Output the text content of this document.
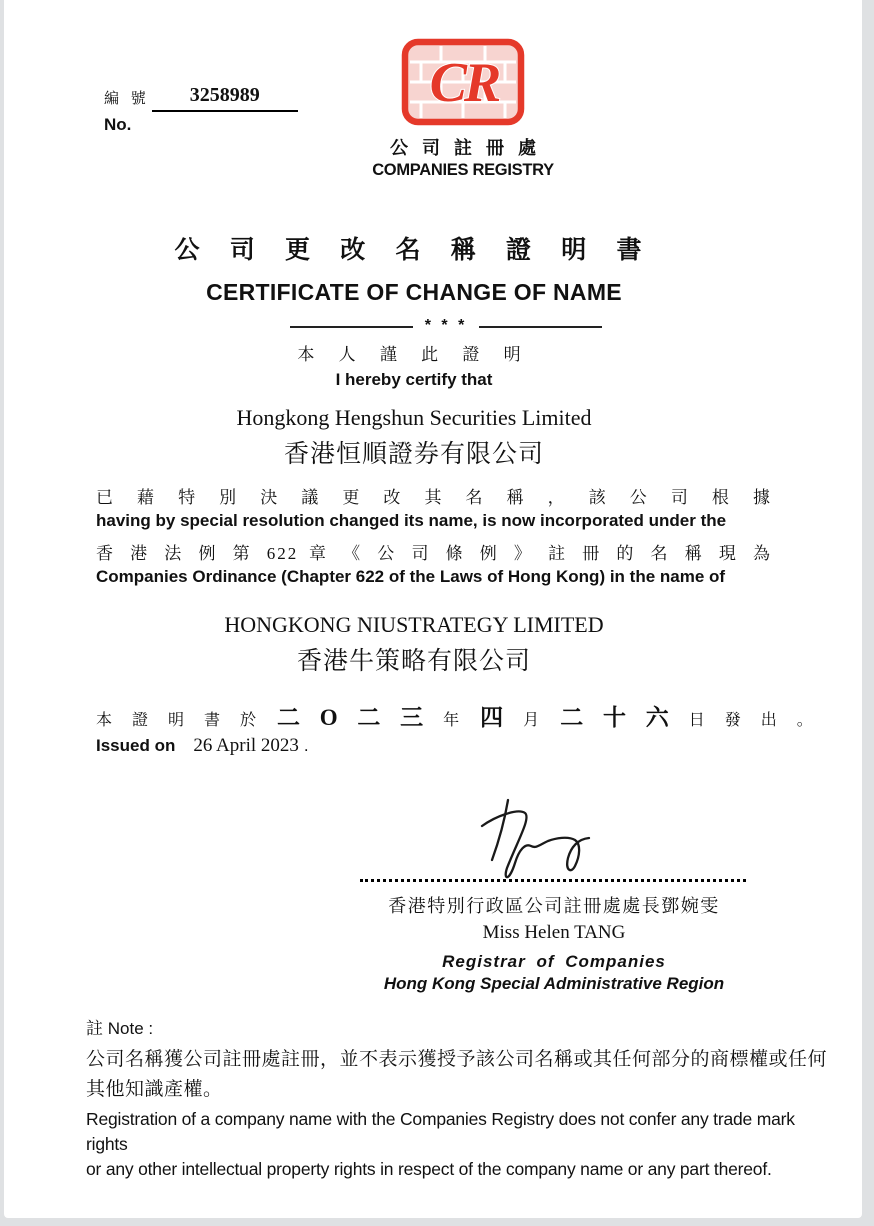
編 號	3258989
No.
CR
公司註冊處
COMPANIES REGISTRY
公 司 更 改 名 稱 證 明 書
CERTIFICATE OF CHANGE OF NAME
* * *
本 人 謹 此 證 明
I hereby certify that
Hongkong Hengshun Securities Limited
香港恒順證券有限公司
已 藉 特 別 決 議 更 改 其 名 稱 ， 該 公 司 根 據
having by special resolution changed its name, is now incorporated under the
香 港 法 例 第 622 章 《 公 司 條 例 》 註 冊 的 名 稱 現 為
Companies Ordinance (Chapter 622 of the Laws of Hong Kong) in the name of
HONGKONG NIUSTRATEGY LIMITED
香港牛策略有限公司
本 證 明 書 於 二 O 二 三 年 四 月 二 十 六 日 發 出 。
Issued on 26 April 2023 .
香港特別行政區公司註冊處處長鄧婉雯
Miss Helen TANG
Registrar of Companies
Hong Kong Special Administrative Region
註 Note :
公司名稱獲公司註冊處註冊，並不表示獲授予該公司名稱或其任何部分的商標權或任何
其他知識產權。
Registration of a company name with the Companies Registry does not confer any trade mark rights
or any other intellectual property rights in respect of the company name or any part thereof.
